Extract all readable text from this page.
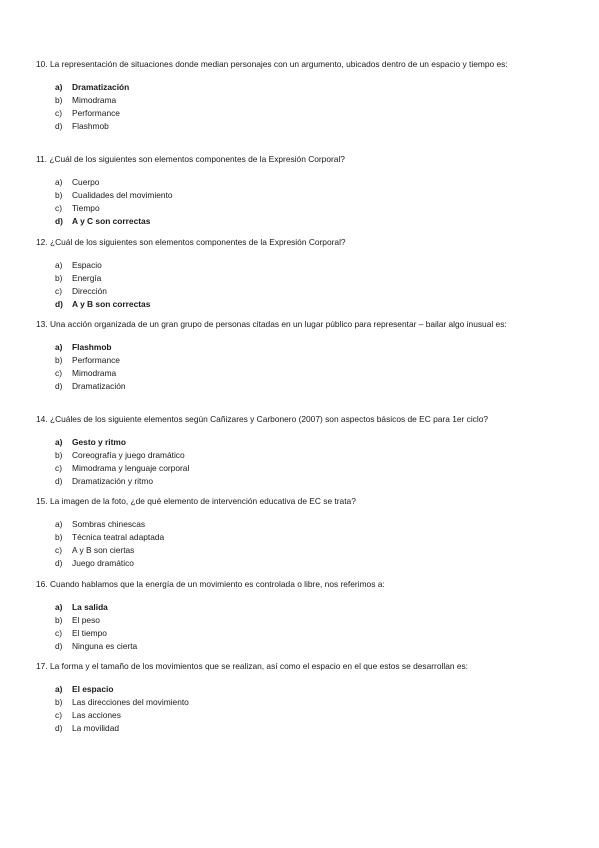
10. La representación de situaciones donde median personajes con un argumento, ubicados dentro de un espacio y tiempo es:

a)	Dramatización
b)	Mimodrama
c)	Performance
d)	Flashmob

11. ¿Cuál de los siguientes son elementos componentes de la Expresión Corporal?

a)	Cuerpo
b)	Cualidades del movimiento
c)	Tiempo
d)	A y C son correctas

12. ¿Cuál de los siguientes son elementos componentes de la Expresión Corporal?

a)	Espacio
b)	Energía
c)	Dirección
d)	A y B son correctas

13. Una acción organizada de un gran grupo de personas citadas en un lugar público para representar – bailar algo inusual es:

a)	Flashmob
b)	Performance
c)	Mimodrama
d)	Dramatización

14. ¿Cuáles de los siguiente elementos según Cañizares y Carbonero (2007) son aspectos básicos de EC para 1er ciclo?

a)	Gesto y ritmo
b)	Coreografía y juego dramático
c)	Mimodrama y lenguaje corporal
d)	Dramatización y ritmo

15. La imagen de la foto, ¿de qué elemento de intervención educativa de EC se trata?

a)	Sombras chinescas
b)	Técnica teatral adaptada
c)	A y B son ciertas
d)	Juego dramático

16. Cuando hablamos que la energía de un movimiento es controlada o libre, nos referimos a:

a)	La salida
b)	El peso
c)	El tiempo
d)	Ninguna es cierta

17. La forma y el tamaño de los movimientos que se realizan, así como el espacio en el que estos se desarrollan es:

a)	El espacio
b)	Las direcciones del movimiento
c)	Las acciones
d)	La movilidad
